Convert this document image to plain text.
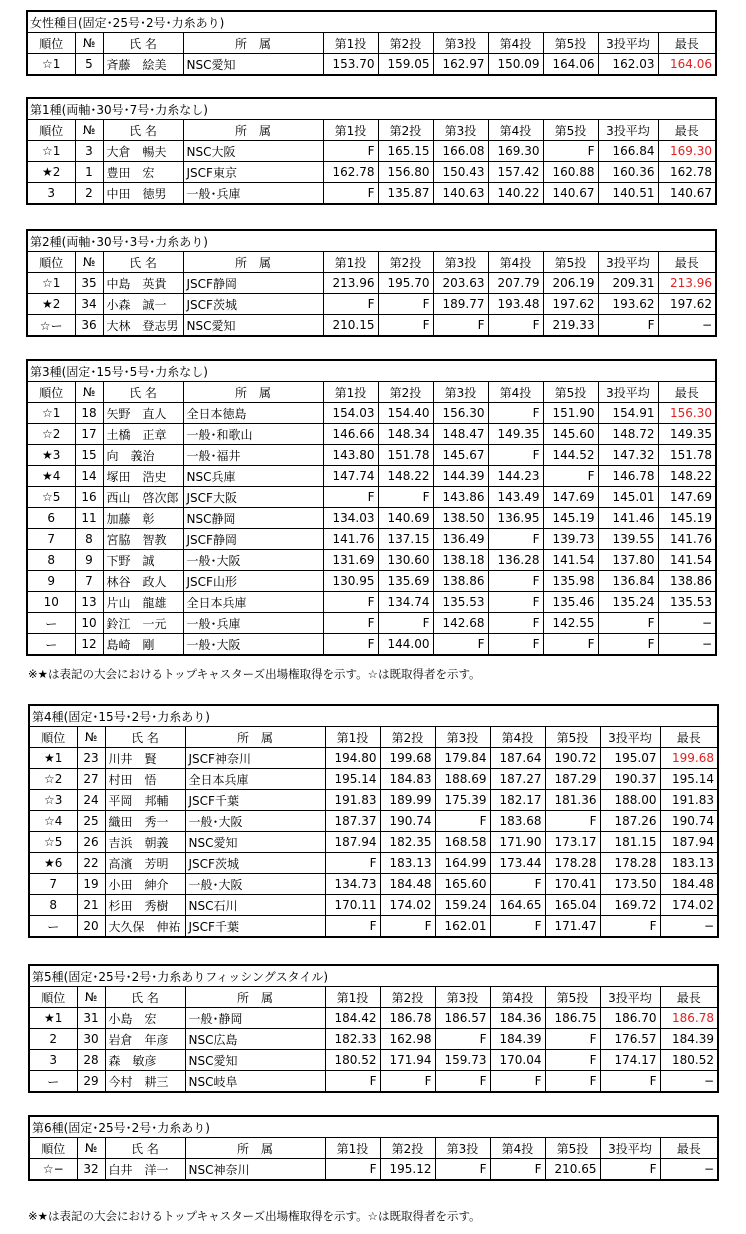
女性種目(固定･25号･2号･力糸あり)										
順位	№	氏 名	所　属	第1投	第2投	第3投	第4投	第5投	3投平均	最長
☆1	5	斉藤　絵美	NSC愛知	153.70	159.05	162.97	150.09	164.06	162.03	164.06
第1種(両軸･30号･7号･力糸なし)										
順位	№	氏 名	所　属	第1投	第2投	第3投	第4投	第5投	3投平均	最長
☆1	3	大倉　暢夫	NSC大阪	F	165.15	166.08	169.30	F	166.84	169.30
★2	1	豊田　宏	JSCF東京	162.78	156.80	150.43	157.42	160.88	160.36	162.78
3	2	中田　徳男	一般･兵庫	F	135.87	140.63	140.22	140.67	140.51	140.67
第2種(両軸･30号･3号･力糸あり)										
順位	№	氏 名	所　属	第1投	第2投	第3投	第4投	第5投	3投平均	最長
☆1	35	中島　英貴	JSCF静岡	213.96	195.70	203.63	207.79	206.19	209.31	213.96
★2	34	小森　誠一	JSCF茨城	F	F	189.77	193.48	197.62	193.62	197.62
☆ー	36	大林　登志男	NSC愛知	210.15	F	F	F	219.33	F	−
第3種(固定･15号･5号･力糸なし)										
順位	№	氏 名	所　属	第1投	第2投	第3投	第4投	第5投	3投平均	最長
☆1	18	矢野　直人	全日本徳島	154.03	154.40	156.30	F	151.90	154.91	156.30
☆2	17	土橋　正章	一般･和歌山	146.66	148.34	148.47	149.35	145.60	148.72	149.35
★3	15	向　義治	一般･福井	143.80	151.78	145.67	F	144.52	147.32	151.78
★4	14	塚田　浩史	NSC兵庫	147.74	148.22	144.39	144.23	F	146.78	148.22
☆5	16	西山　啓次郎	JSCF大阪	F	F	143.86	143.49	147.69	145.01	147.69
6	11	加藤　彰	NSC静岡	134.03	140.69	138.50	136.95	145.19	141.46	145.19
7	8	宮脇　智教	JSCF静岡	141.76	137.15	136.49	F	139.73	139.55	141.76
8	9	下野　誠	一般･大阪	131.69	130.60	138.18	136.28	141.54	137.80	141.54
9	7	林谷　政人	JSCF山形	130.95	135.69	138.86	F	135.98	136.84	138.86
10	13	片山　龍雄	全日本兵庫	F	134.74	135.53	F	135.46	135.24	135.53
ー	10	鈴江　一元	一般･兵庫	F	F	142.68	F	142.55	F	−
ー	12	島崎　剛	一般･大阪	F	144.00	F	F	F	F	−
第4種(固定･15号･2号･力糸あり)										
順位	№	氏 名	所　属	第1投	第2投	第3投	第4投	第5投	3投平均	最長
★1	23	川井　賢	JSCF神奈川	194.80	199.68	179.84	187.64	190.72	195.07	199.68
☆2	27	村田　悟	全日本兵庫	195.14	184.83	188.69	187.27	187.29	190.37	195.14
☆3	24	平岡　邦輔	JSCF千葉	191.83	189.99	175.39	182.17	181.36	188.00	191.83
☆4	25	織田　秀一	一般･大阪	187.37	190.74	F	183.68	F	187.26	190.74
☆5	26	吉浜　朝義	NSC愛知	187.94	182.35	168.58	171.90	173.17	181.15	187.94
★6	22	高濱　芳明	JSCF茨城	F	183.13	164.99	173.44	178.28	178.28	183.13
7	19	小田　紳介	一般･大阪	134.73	184.48	165.60	F	170.41	173.50	184.48
8	21	杉田　秀樹	NSC石川	170.11	174.02	159.24	164.65	165.04	169.72	174.02
ー	20	大久保　伸祐	JSCF千葉	F	F	162.01	F	171.47	F	−
第5種(固定･25号･2号･力糸ありフィッシングスタイル)										
順位	№	氏 名	所　属	第1投	第2投	第3投	第4投	第5投	3投平均	最長
★1	31	小島　宏	一般･静岡	184.42	186.78	186.57	184.36	186.75	186.70	186.78
2	30	岩倉　年彦	NSC広島	182.33	162.98	F	184.39	F	176.57	184.39
3	28	森　敏彦	NSC愛知	180.52	171.94	159.73	170.04	F	174.17	180.52
ー	29	今村　耕三	NSC岐阜	F	F	F	F	F	F	−
第6種(固定･25号･2号･力糸あり)										
順位	№	氏 名	所　属	第1投	第2投	第3投	第4投	第5投	3投平均	最長
☆−	32	白井　洋一	NSC神奈川	F	195.12	F	F	210.65	F	−
※★は表記の大会におけるトップキャスターズ出場権取得を示す。☆は既取得者を示す。
※★は表記の大会におけるトップキャスターズ出場権取得を示す。☆は既取得者を示す。
